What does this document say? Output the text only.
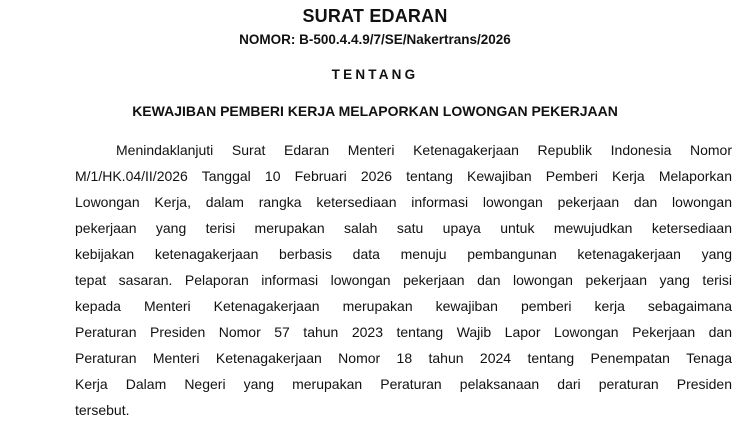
SURAT EDARAN
NOMOR: B-500.4.4.9/7/SE/Nakertrans/2026
TENTANG
KEWAJIBAN PEMBERI KERJA MELAPORKAN LOWONGAN PEKERJAAN
Menindaklanjuti Surat Edaran Menteri Ketenagakerjaan Republik Indonesia Nomor
M/1/HK.04/II/2026 Tanggal 10 Februari 2026 tentang Kewajiban Pemberi Kerja Melaporkan
Lowongan Kerja, dalam rangka ketersediaan informasi lowongan pekerjaan dan lowongan
pekerjaan yang terisi merupakan salah satu upaya untuk mewujudkan ketersediaan
kebijakan ketenagakerjaan berbasis data menuju pembangunan ketenagakerjaan yang
tepat sasaran. Pelaporan informasi lowongan pekerjaan dan lowongan pekerjaan yang terisi
kepada Menteri Ketenagakerjaan merupakan kewajiban pemberi kerja sebagaimana
Peraturan Presiden Nomor 57 tahun 2023 tentang Wajib Lapor Lowongan Pekerjaan dan
Peraturan Menteri Ketenagakerjaan Nomor 18 tahun 2024 tentang Penempatan Tenaga
Kerja Dalam Negeri yang merupakan Peraturan pelaksanaan dari peraturan Presiden
tersebut.
